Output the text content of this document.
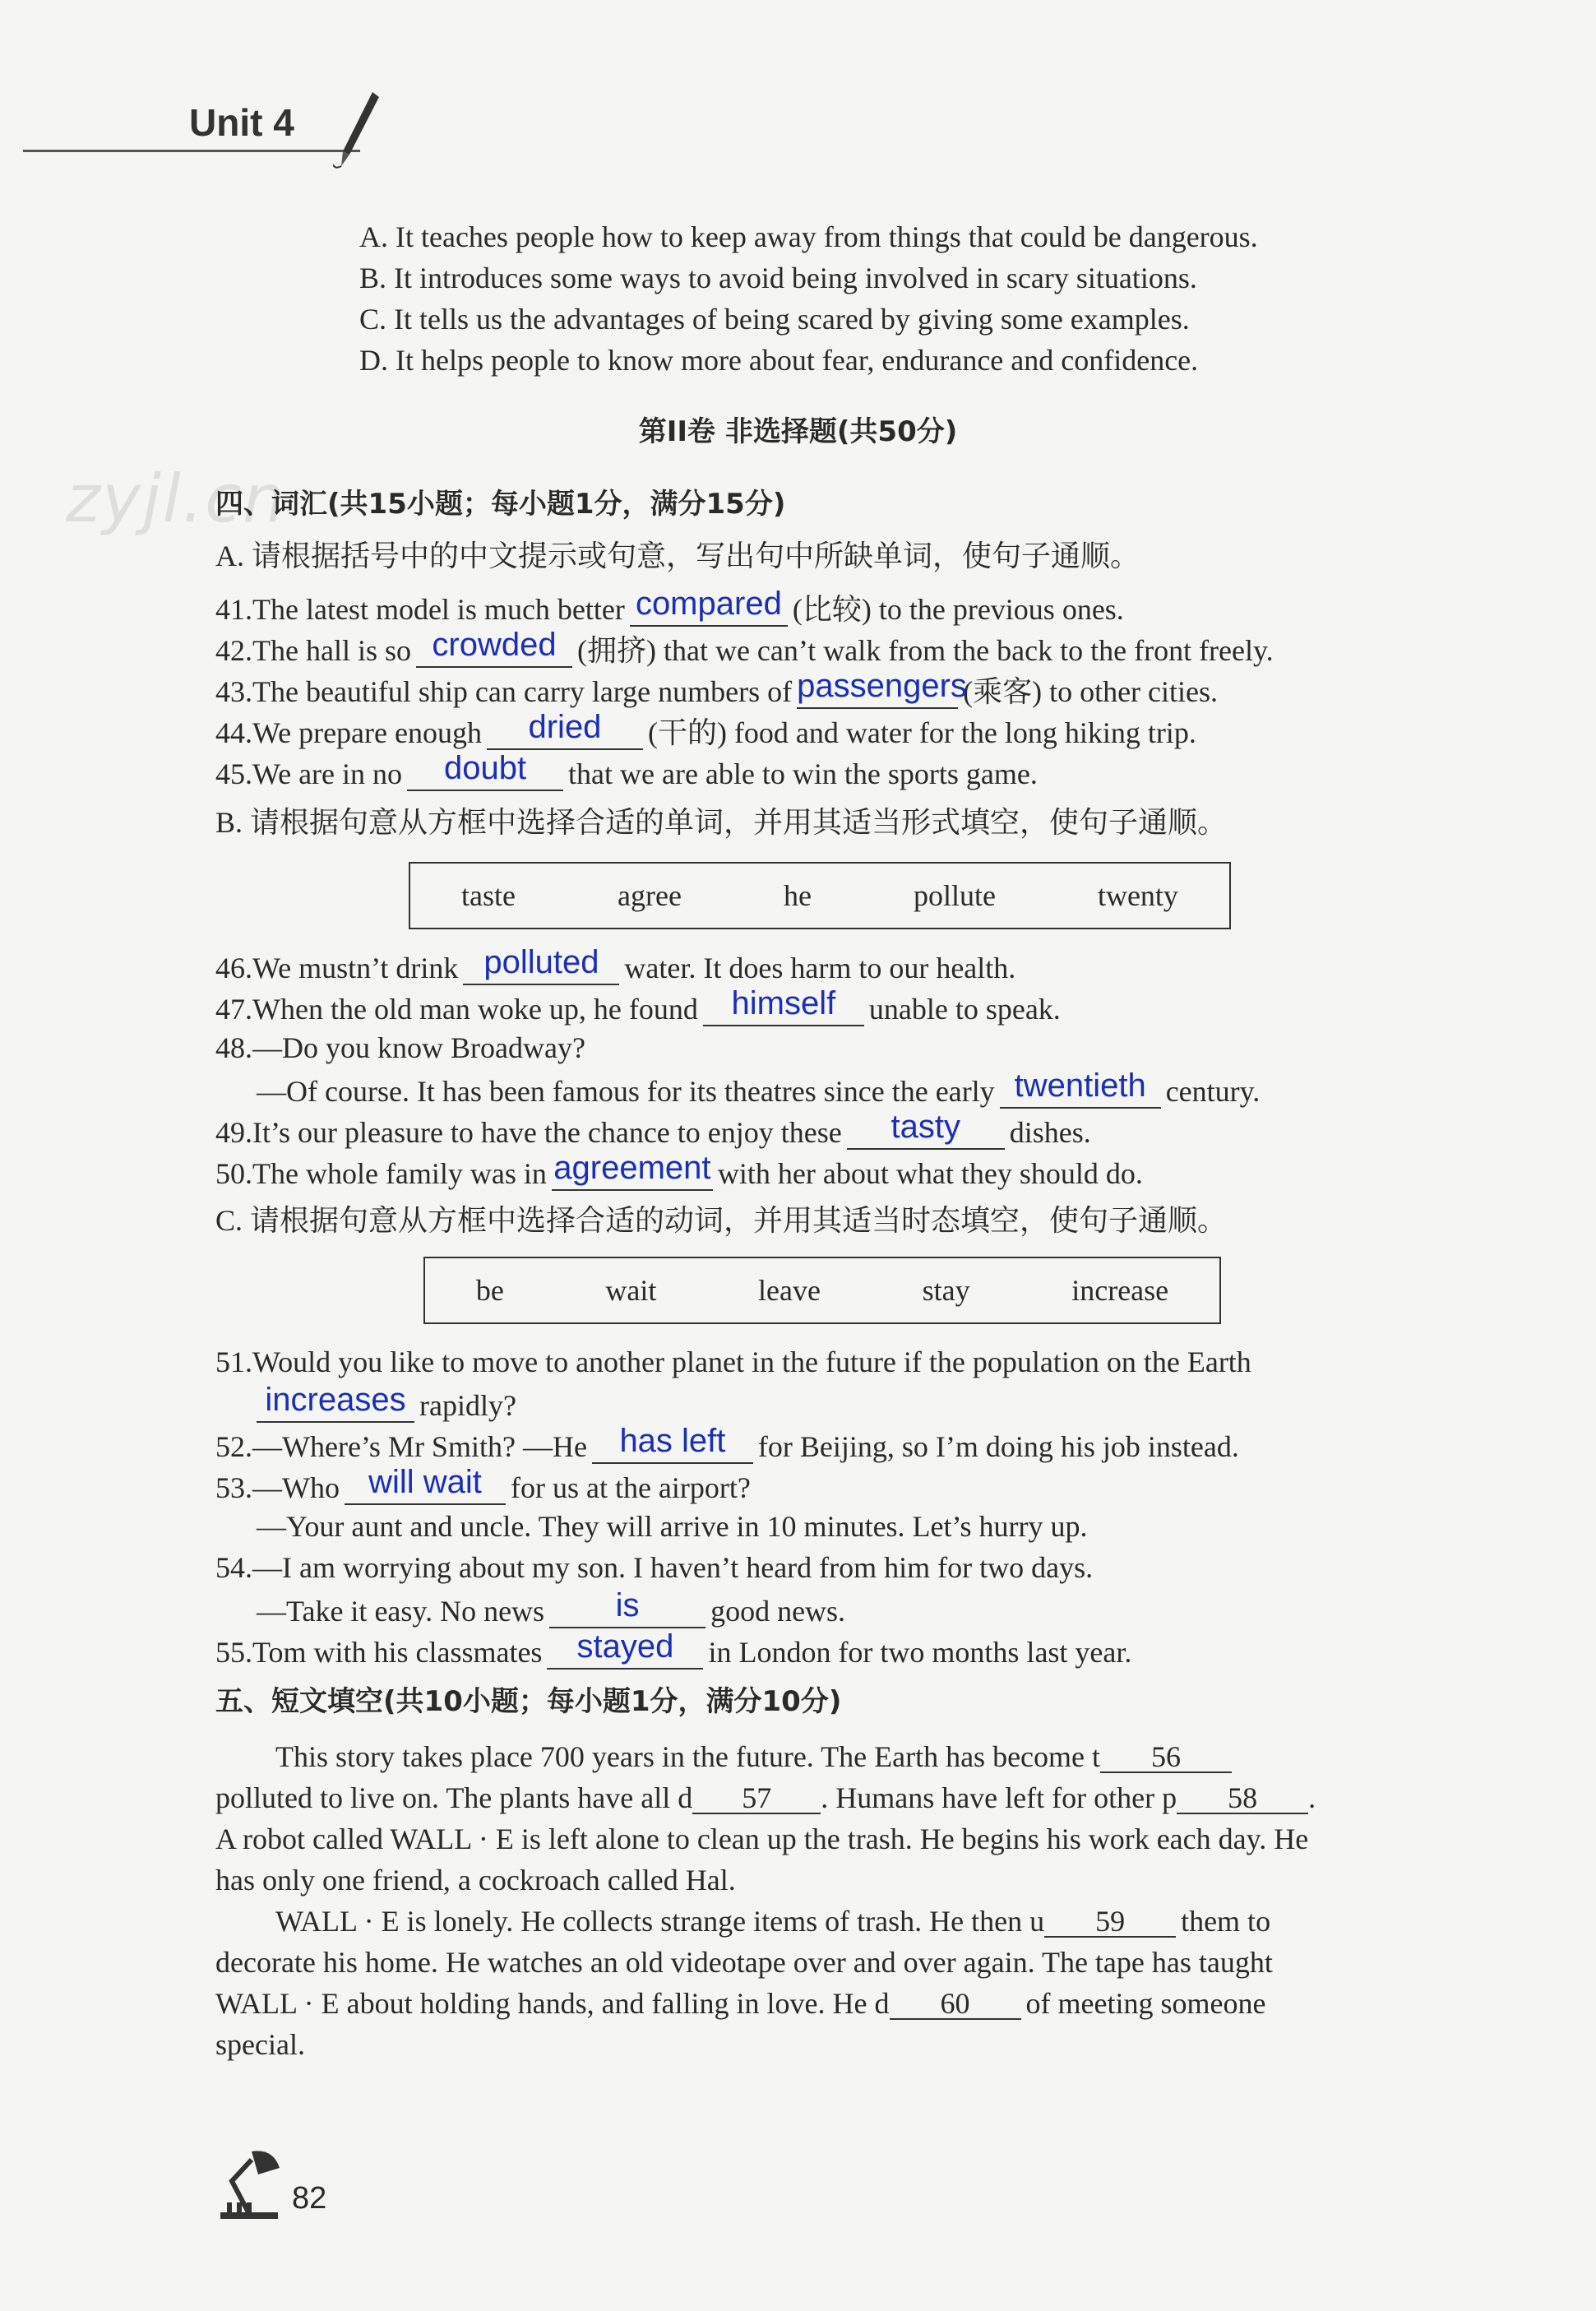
Unit 4
zyjl.cn
A. It teaches people how to keep away from things that could be dangerous.
B. It introduces some ways to avoid being involved in scary situations.
C. It tells us the advantages of being scared by giving some examples.
D. It helps people to know more about fear, endurance and confidence.
第II卷 非选择题(共50分)
四、词汇(共15小题；每小题1分，满分15分)
A. 请根据括号中的中文提示或句意，写出句中所缺单词，使句子通顺。
41.The latest model is much better compared (比较) to the previous ones.
42.The hall is so crowded (拥挤) that we can’t walk from the back to the front freely.
43.The beautiful ship can carry large numbers of passengers(乘客) to other cities.
44.We prepare enough dried (干的) food and water for the long hiking trip.
45.We are in no doubt that we are able to win the sports game.
B. 请根据句意从方框中选择合适的单词，并用其适当形式填空，使句子通顺。
taste	agree	he	pollute	twenty
46.We mustn’t drink polluted water. It does harm to our health.
47.When the old man woke up, he found himself unable to speak.
48.—Do you know Broadway?
—Of course. It has been famous for its theatres since the early twentieth century.
49.It’s our pleasure to have the chance to enjoy these tasty dishes.
50.The whole family was in agreement with her about what they should do.
C. 请根据句意从方框中选择合适的动词，并用其适当时态填空，使句子通顺。
be	wait	leave	stay	increase
51.Would you like to move to another planet in the future if the population on the Earth
increases rapidly?
52.—Where’s Mr Smith? —He has left for Beijing, so I’m doing his job instead.
53.—Who will wait for us at the airport?
—Your aunt and uncle. They will arrive in 10 minutes. Let’s hurry up.
54.—I am worrying about my son. I haven’t heard from him for two days.
—Take it easy. No news is good news.
55.Tom with his classmates stayed in London for two months last year.
五、短文填空(共10小题；每小题1分，满分10分)
This story takes place 700 years in the future. The Earth has become t 56
polluted to live on. The plants have all d 57 . Humans have left for other p 58 .
A robot called WALL · E is left alone to clean up the trash. He begins his work each day. He
has only one friend, a cockroach called Hal.
WALL · E is lonely. He collects strange items of trash. He then u 59 them to
decorate his home. He watches an old videotape over and over again. The tape has taught
WALL · E about holding hands, and falling in love. He d 60 of meeting someone
special.
82
